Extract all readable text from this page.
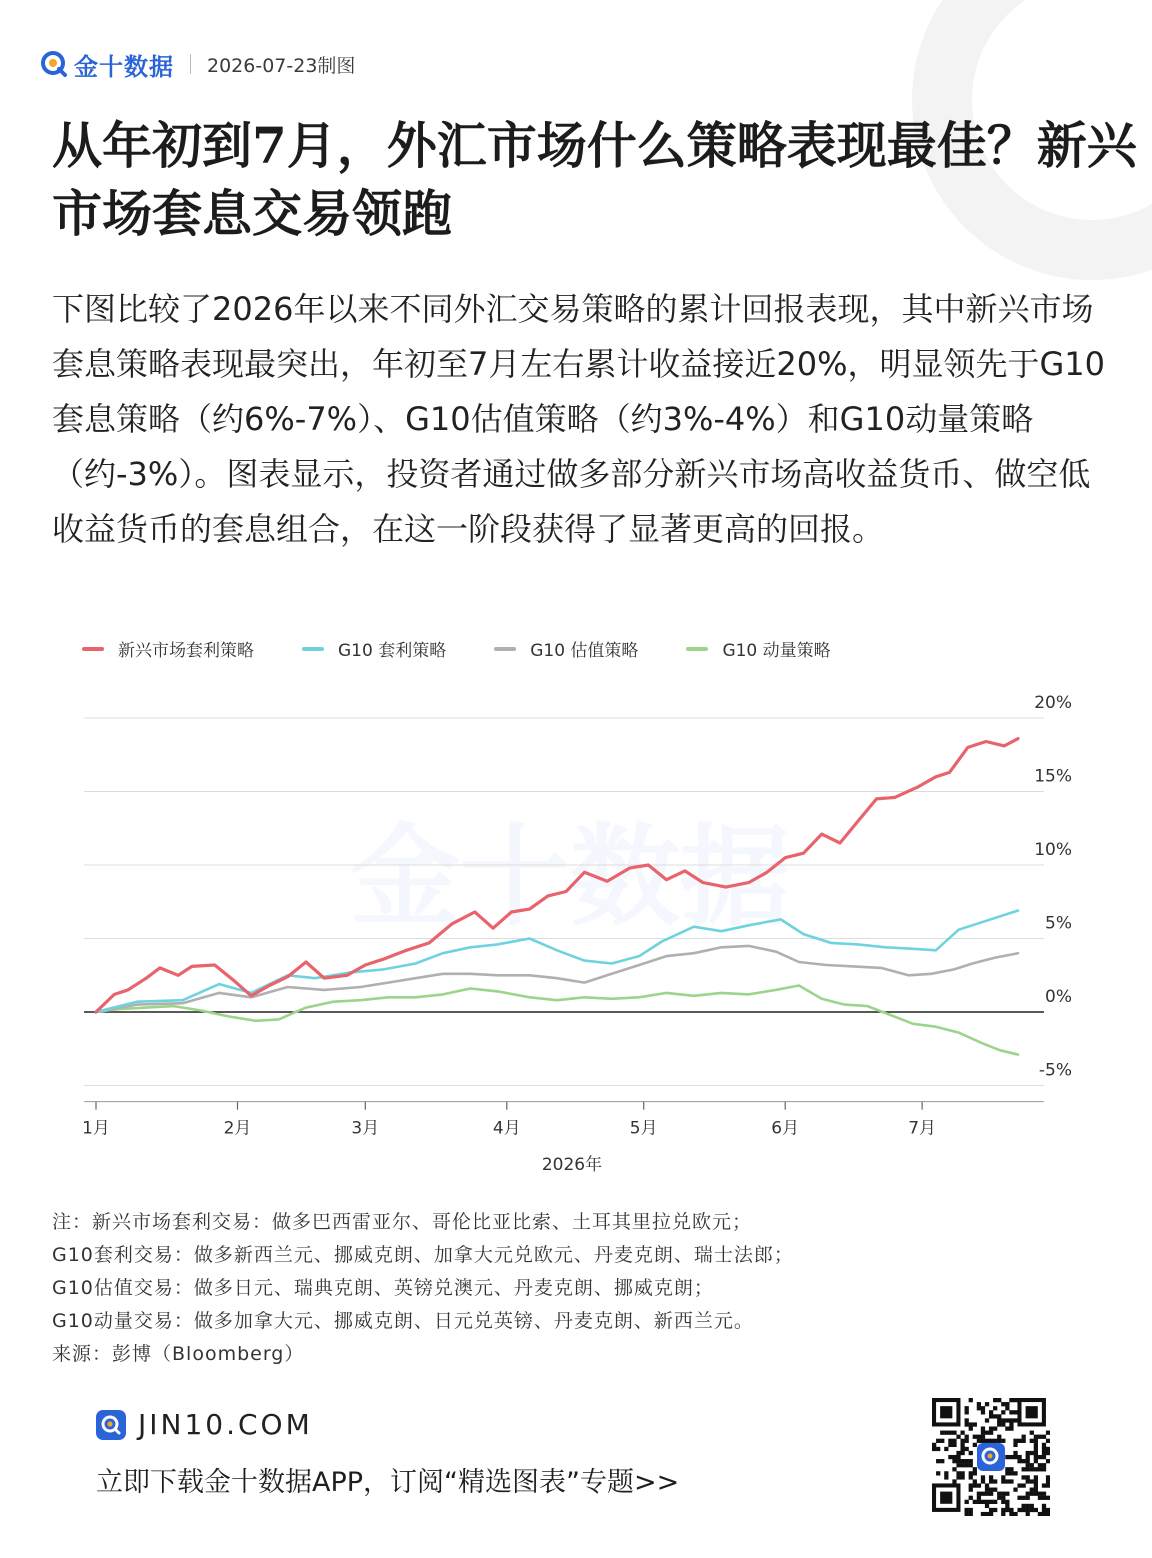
金十数据 2026-07-23制图
从年初到7月，外汇市场什么策略表现最佳？新兴市场套息交易领跑

下图比较了2026年以来不同外汇交易策略的累计回报表现，其中新兴市场套息策略表现最突出，年初至7月左右累计收益接近20%，明显领先于G10套息策略（约6%-7%）、G10估值策略（约3%-4%）和G10动量策略（约-3%）。图表显示，投资者通过做多部分新兴市场高收益货币、做空低收益货币的套息组合，在这一阶段获得了显著更高的回报。

新兴市场套利策略	G10 套利策略	G10 估值策略	G10 动量策略
金十数据
20%
15%
10%
5%
0%
-5%
1月	2月	3月	4月	5月	6月	7月
2026年
注：新兴市场套利交易：做多巴西雷亚尔、哥伦比亚比索、土耳其里拉兑欧元；
G10套利交易：做多新西兰元、挪威克朗、加拿大元兑欧元、丹麦克朗、瑞士法郎；
G10估值交易：做多日元、瑞典克朗、英镑兑澳元、丹麦克朗、挪威克朗；
G10动量交易：做多加拿大元、挪威克朗、日元兑英镑、丹麦克朗、新西兰元。
来源：彭博（Bloomberg）
JIN10.COM
立即下载金十数据APP，订阅“精选图表”专题>>
